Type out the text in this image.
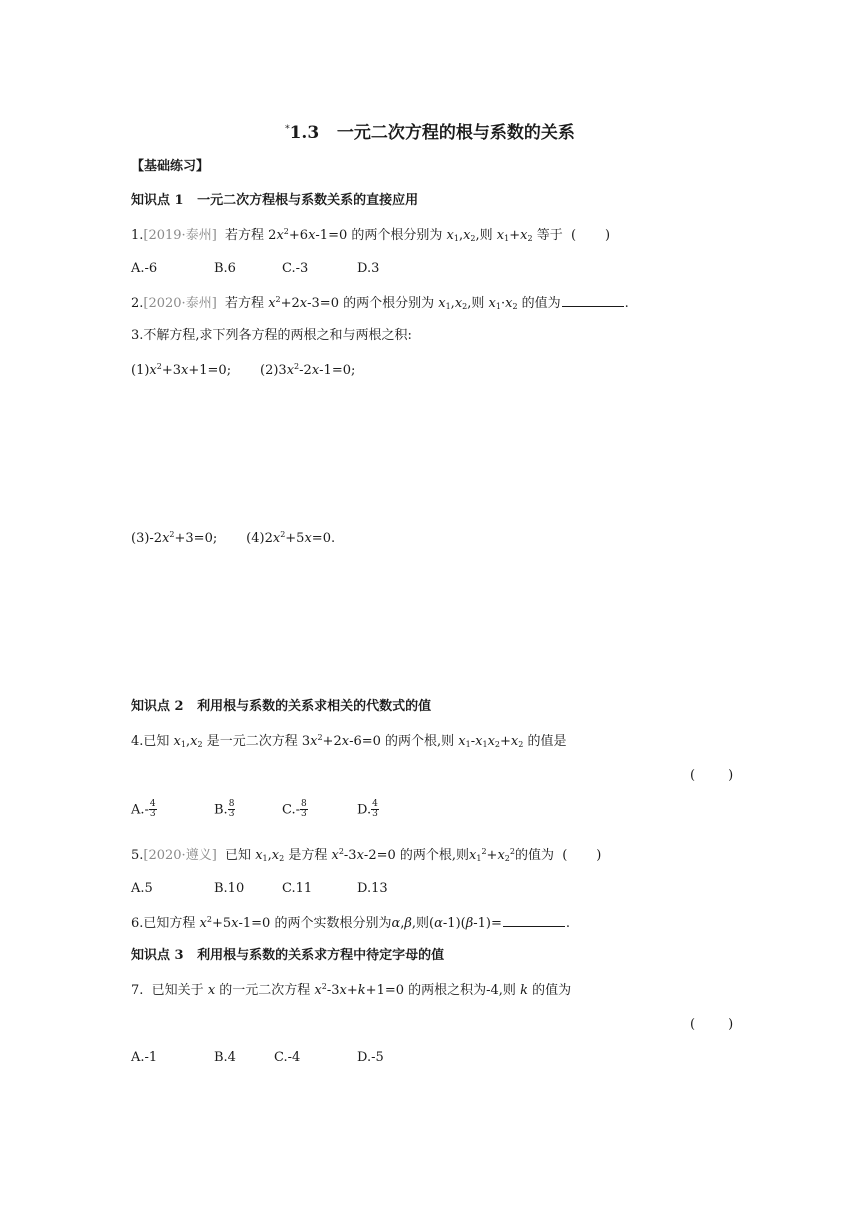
*1.3 一元二次方程的根与系数的关系
【基础练习】
知识点 1 一元二次方程根与系数关系的直接应用
1.[2019·泰州]  若方程 $2x^2+6x-1=0$ 的两个根分别为 $x_1,x_2$,则 $x_1+x_2$ 等于  (       )
A.-6	B.6	C.-3	D.3
2.[2020·泰州]  若方程 $x^2+2x-3=0$ 的两个根分别为 $x_1,x_2$,则 $x_1\cdot x_2$ 的值为	.
3.不解方程,求下列各方程的两根之和与两根之积:
$(1)x^2+3x+1=0$;       $(2)3x^2-2x-1=0$;
$(3)-2x^2+3=0$;       $(4)2x^2+5x=0$.
知识点 2 利用根与系数的关系求相关的代数式的值
4.已知 $x_1,x_2$ 是一元二次方程 $3x^2+2x-6=0$ 的两个根,则 $x_1-x_1x_2+x_2$ 的值是
(        )
$A.- \frac{4}{3}$	B. $\frac{8}{3}$	$C.- \frac{8}{3}$	D. $\frac{4}{3}$
5.[2020·遵义]  已知 $x_1,x_2$ 是方程 $x^2-3x-2=0$ 的两个根,则$x_1^2+x_2^2$的值为  (       )
A.5	B.10	C.11	D.13
6.已知方程 $x^2+5x-1=0$ 的两个实数根分别为α,β,则(α-1)(β-1)=	.
知识点 3 利用根与系数的关系求方程中待定字母的值
7.  已知关于 x 的一元二次方程 $x^2-3x+k+1=0$ 的两根之积为-4,则 k 的值为
(        )
A.-1	B.4	C.-4	D.-5
